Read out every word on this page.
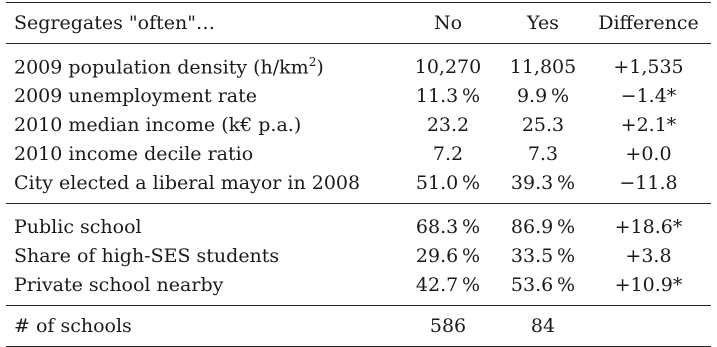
Segregates "often"…	No	Yes	Difference
2009 population density $(h/km^2)$	10,270	11,805	+1,535
2009 unemployment rate	11.3 %	9.9 %	−1.4*
2010 median income (k€ p.a.)	23.2	25.3	+2.1*
2010 income decile ratio	7.2	7.3	+0.0
City elected a liberal mayor in 2008	51.0 %	39.3 %	−11.8
Public school	68.3 %	86.9 %	+18.6*
Share of high-SES students	29.6 %	33.5 %	+3.8
Private school nearby	42.7 %	53.6 %	+10.9*
# of schools	586	84	
